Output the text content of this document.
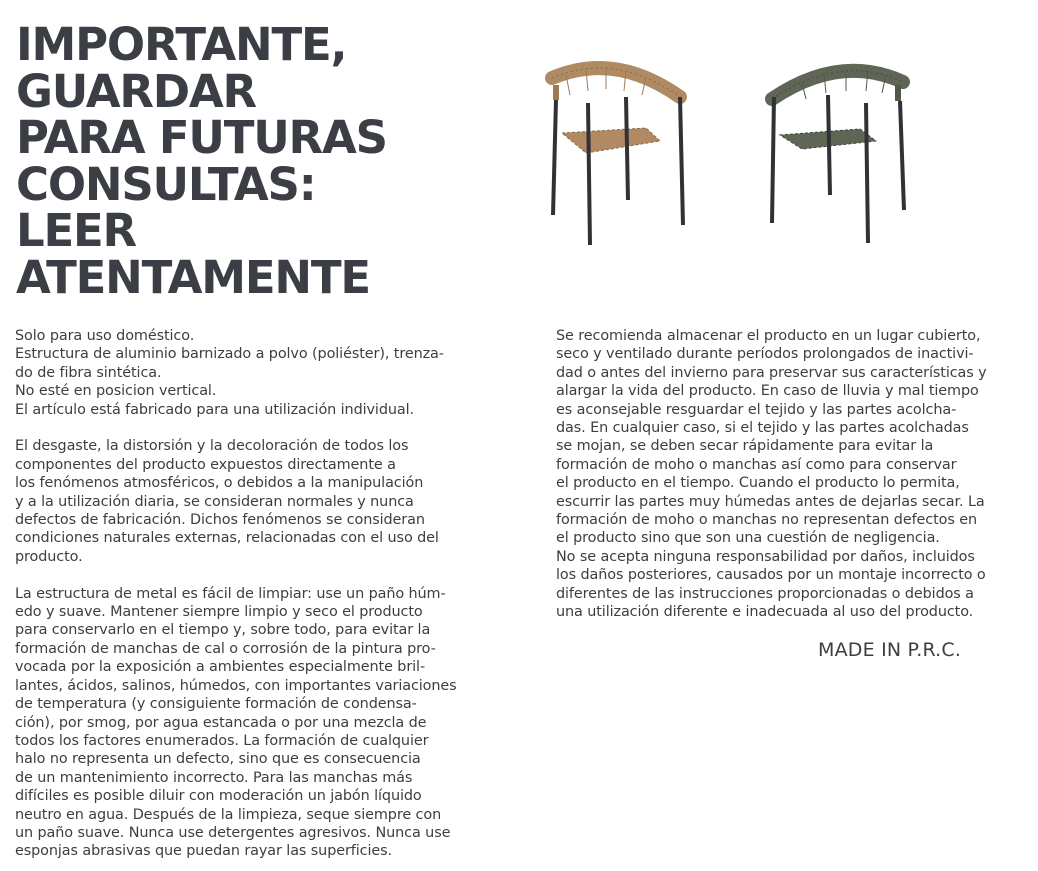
IMPORTANTE,
GUARDAR
PARA FUTURAS
CONSULTAS:
LEER
ATENTAMENTE

Solo para uso doméstico.
Estructura de aluminio barnizado a polvo (poliéster), trenza-
do de fibra sintética.
No esté en posicion vertical.
El artículo está fabricado para una utilización individual.

El desgaste, la distorsión y la decoloración de todos los
componentes del producto expuestos directamente a
los fenómenos atmosféricos, o debidos a la manipulación
y a la utilización diaria, se consideran normales y nunca
defectos de fabricación. Dichos fenómenos se consideran
condiciones naturales externas, relacionadas con el uso del
producto.

La estructura de metal es fácil de limpiar: use un paño húm-
edo y suave. Mantener siempre limpio y seco el producto
para conservarlo en el tiempo y, sobre todo, para evitar la
formación de manchas de cal o corrosión de la pintura pro-
vocada por la exposición a ambientes especialmente bril-
lantes, ácidos, salinos, húmedos, con importantes variaciones
de temperatura (y consiguiente formación de condensa-
ción), por smog, por agua estancada o por una mezcla de
todos los factores enumerados. La formación de cualquier
halo no representa un defecto, sino que es consecuencia
de un mantenimiento incorrecto. Para las manchas más
difíciles es posible diluir con moderación un jabón líquido
neutro en agua. Después de la limpieza, seque siempre con
un paño suave. Nunca use detergentes agresivos. Nunca use
esponjas abrasivas que puedan rayar las superficies.

Se recomienda almacenar el producto en un lugar cubierto,
seco y ventilado durante períodos prolongados de inactivi-
dad o antes del invierno para preservar sus características y
alargar la vida del producto. En caso de lluvia y mal tiempo
es aconsejable resguardar el tejido y las partes acolcha-
das. En cualquier caso, si el tejido y las partes acolchadas
se mojan, se deben secar rápidamente para evitar la
formación de moho o manchas así como para conservar
el producto en el tiempo. Cuando el producto lo permita,
escurrir las partes muy húmedas antes de dejarlas secar. La
formación de moho o manchas no representan defectos en
el producto sino que son una cuestión de negligencia.
No se acepta ninguna responsabilidad por daños, incluidos
los daños posteriores, causados por un montaje incorrecto o
diferentes de las instrucciones proporcionadas o debidos a
una utilización diferente e inadecuada al uso del producto.

MADE IN P.R.C.
